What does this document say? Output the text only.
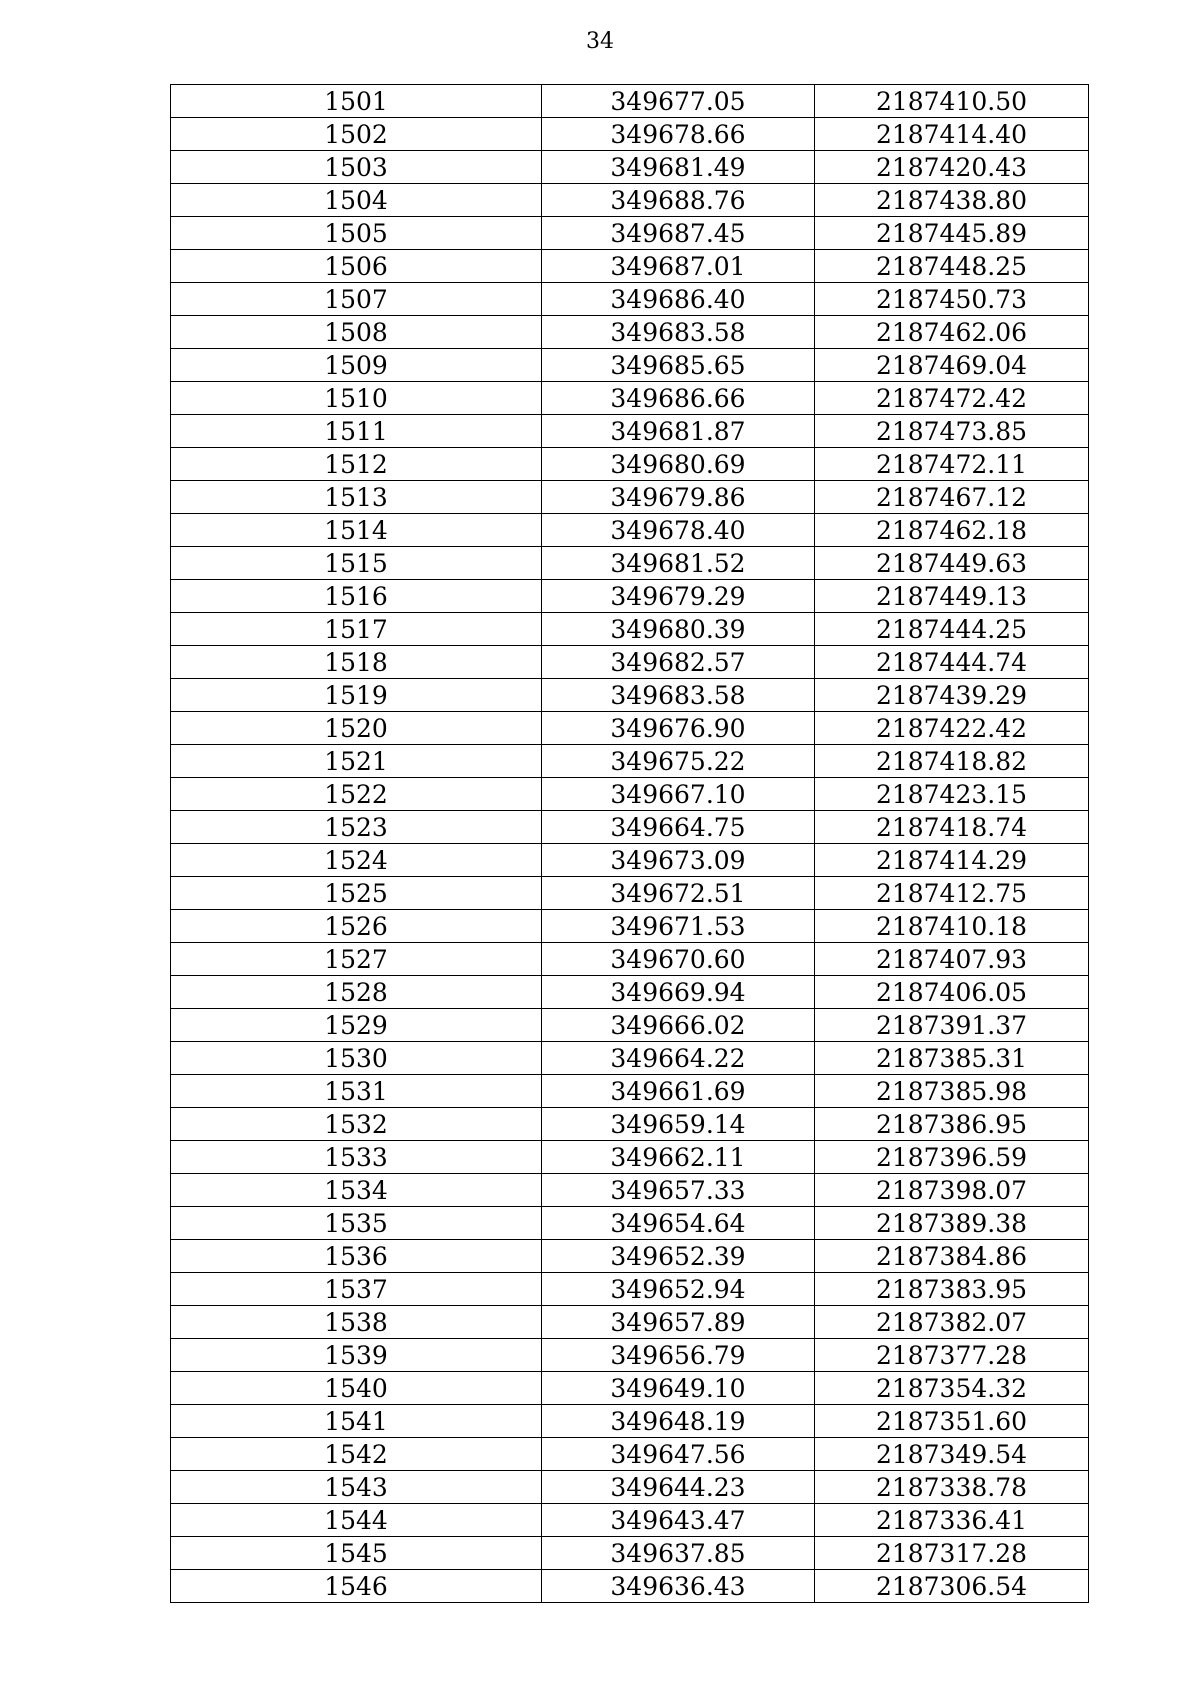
34
1501	349677.05	2187410.50
1502	349678.66	2187414.40
1503	349681.49	2187420.43
1504	349688.76	2187438.80
1505	349687.45	2187445.89
1506	349687.01	2187448.25
1507	349686.40	2187450.73
1508	349683.58	2187462.06
1509	349685.65	2187469.04
1510	349686.66	2187472.42
1511	349681.87	2187473.85
1512	349680.69	2187472.11
1513	349679.86	2187467.12
1514	349678.40	2187462.18
1515	349681.52	2187449.63
1516	349679.29	2187449.13
1517	349680.39	2187444.25
1518	349682.57	2187444.74
1519	349683.58	2187439.29
1520	349676.90	2187422.42
1521	349675.22	2187418.82
1522	349667.10	2187423.15
1523	349664.75	2187418.74
1524	349673.09	2187414.29
1525	349672.51	2187412.75
1526	349671.53	2187410.18
1527	349670.60	2187407.93
1528	349669.94	2187406.05
1529	349666.02	2187391.37
1530	349664.22	2187385.31
1531	349661.69	2187385.98
1532	349659.14	2187386.95
1533	349662.11	2187396.59
1534	349657.33	2187398.07
1535	349654.64	2187389.38
1536	349652.39	2187384.86
1537	349652.94	2187383.95
1538	349657.89	2187382.07
1539	349656.79	2187377.28
1540	349649.10	2187354.32
1541	349648.19	2187351.60
1542	349647.56	2187349.54
1543	349644.23	2187338.78
1544	349643.47	2187336.41
1545	349637.85	2187317.28
1546	349636.43	2187306.54
